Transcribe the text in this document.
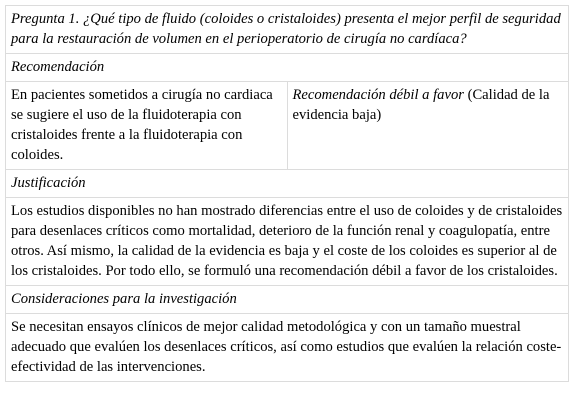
Pregunta 1. ¿Qué tipo de fluido (coloides o cristaloides) presenta el mejor perfil de seguridad para la restauración de volumen en el perioperatorio de cirugía no cardíaca?
Recomendación
En pacientes sometidos a cirugía no cardiaca se sugiere el uso de la fluidoterapia con cristaloides frente a la fluidoterapia con coloides.	Recomendación débil a favor (Calidad de la evidencia baja)
Justificación
Los estudios disponibles no han mostrado diferencias entre el uso de coloides y de cristaloides para desenlaces críticos como mortalidad, deterioro de la función renal y coagulopatía, entre otros. Así mismo, la calidad de la evidencia es baja y el coste de los coloides es superior al de los cristaloides. Por todo ello, se formuló una recomendación débil a favor de los cristaloides.
Consideraciones para la investigación
Se necesitan ensayos clínicos de mejor calidad metodológica y con un tamaño muestral adecuado que evalúen los desenlaces críticos, así como estudios que evalúen la relación coste-efectividad de las intervenciones.
